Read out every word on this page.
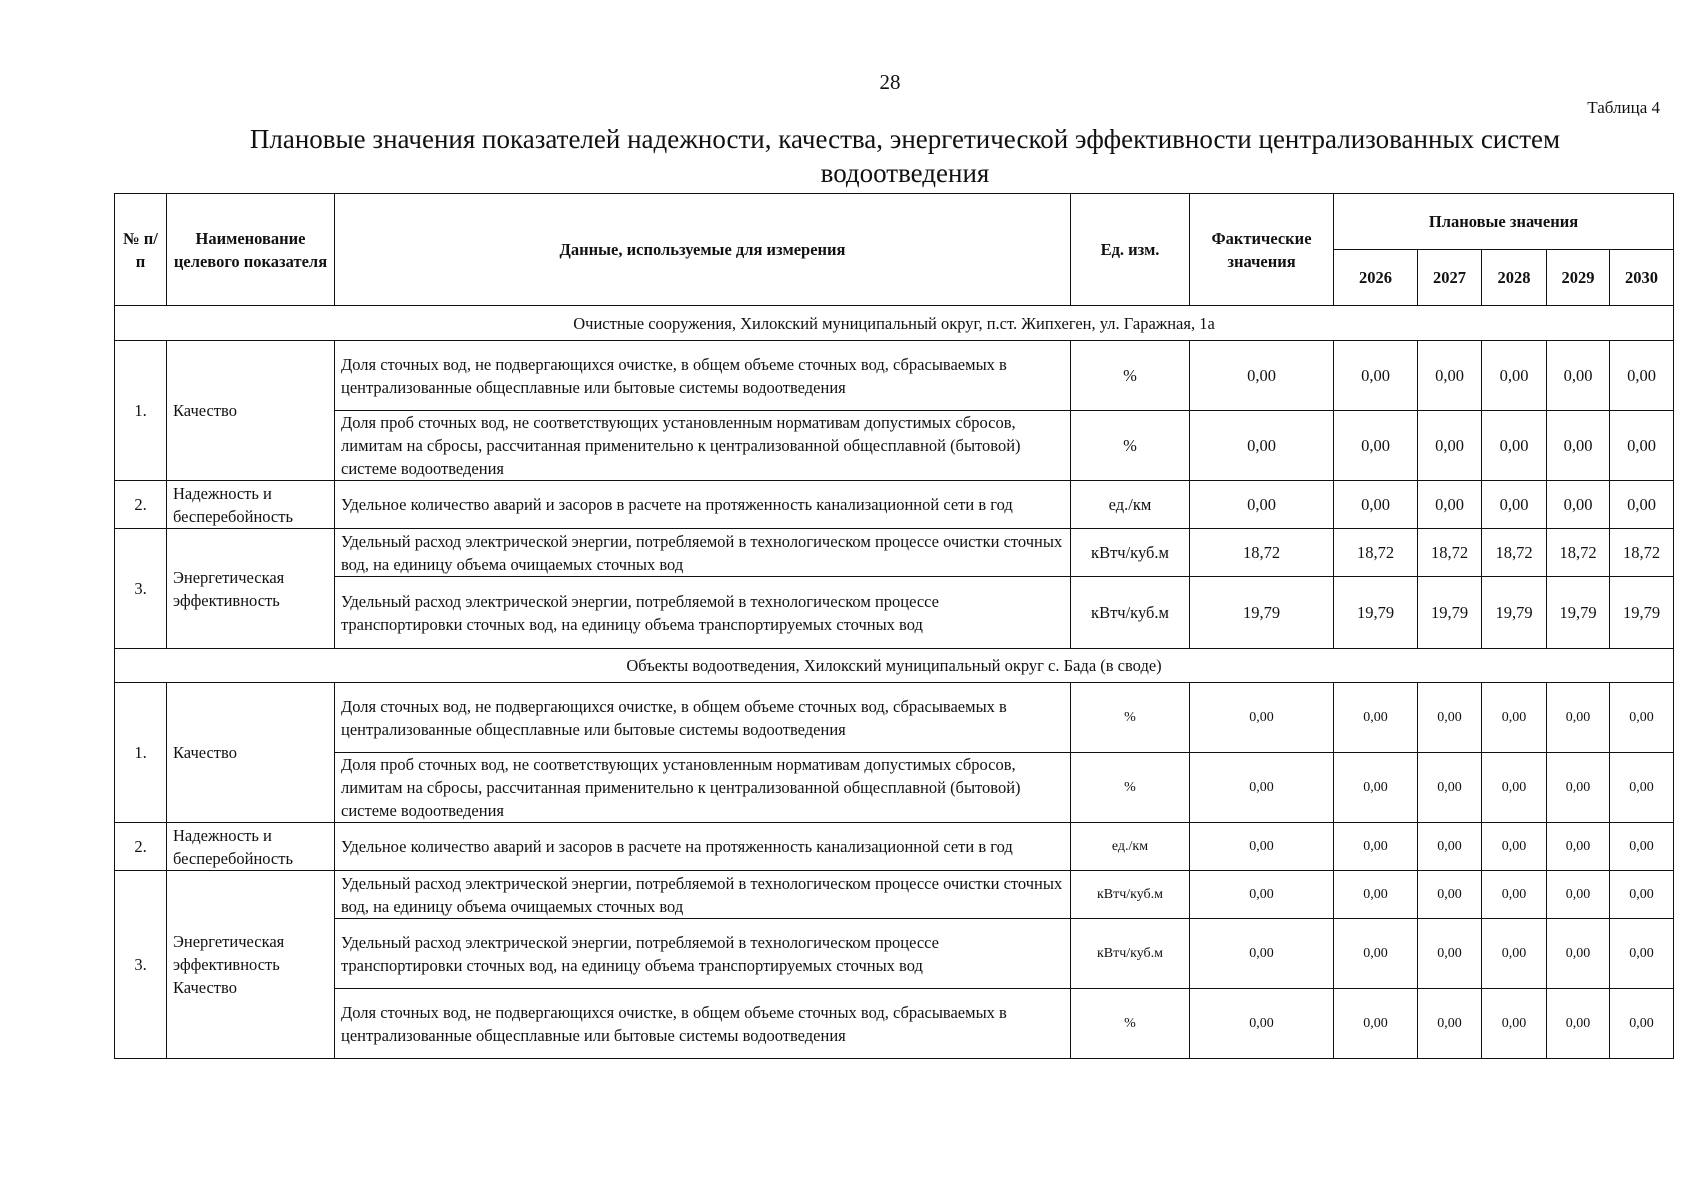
28
Таблица 4
Плановые значения показателей надежности, качества, энергетической эффективности централизованных систем водоотведения
№ п/п	Наименование целевого показателя	Данные, используемые для измерения	Ед. изм.	Фактические значения	Плановые значения				
					2026	2027	2028	2029	2030
Очистные сооружения, Хилокский муниципальный округ, п.ст. Жипхеген, ул. Гаражная, 1а									
1.	Качество	Доля сточных вод, не подвергающихся очистке, в общем объеме сточных вод, сбрасываемых в централизованные общесплавные или бытовые системы водоотведения	%	0,00	0,00	0,00	0,00	0,00	0,00
		Доля проб сточных вод, не соответствующих установленным нормативам допустимых сбросов, лимитам на сбросы, рассчитанная применительно к централизованной общесплавной (бытовой) системе водоотведения	%	0,00	0,00	0,00	0,00	0,00	0,00
2.	Надежность и бесперебойность	Удельное количество аварий и засоров в расчете на протяженность канализационной сети в год	ед./км	0,00	0,00	0,00	0,00	0,00	0,00
3.	Энергетическая эффективность	Удельный расход электрической энергии, потребляемой в технологическом процессе очистки сточных вод, на единицу объема очищаемых сточных вод	кВтч/куб.м	18,72	18,72	18,72	18,72	18,72	18,72
		Удельный расход электрической энергии, потребляемой в технологическом процессе транспортировки сточных вод, на единицу объема транспортируемых сточных вод	кВтч/куб.м	19,79	19,79	19,79	19,79	19,79	19,79
Объекты водоотведения, Хилокский муниципальный округ с. Бада (в своде)									
1.	Качество	Доля сточных вод, не подвергающихся очистке, в общем объеме сточных вод, сбрасываемых в централизованные общесплавные или бытовые системы водоотведения	%	0,00	0,00	0,00	0,00	0,00	0,00
		Доля проб сточных вод, не соответствующих установленным нормативам допустимых сбросов, лимитам на сбросы, рассчитанная применительно к централизованной общесплавной (бытовой) системе водоотведения	%	0,00	0,00	0,00	0,00	0,00	0,00
2.	Надежность и бесперебойность	Удельное количество аварий и засоров в расчете на протяженность канализационной сети в год	ед./км	0,00	0,00	0,00	0,00	0,00	0,00
3.	Энергетическая эффективность Качество	Удельный расход электрической энергии, потребляемой в технологическом процессе очистки сточных вод, на единицу объема очищаемых сточных вод	кВтч/куб.м	0,00	0,00	0,00	0,00	0,00	0,00
		Удельный расход электрической энергии, потребляемой в технологическом процессе транспортировки сточных вод, на единицу объема транспортируемых сточных вод	кВтч/куб.м	0,00	0,00	0,00	0,00	0,00	0,00
		Доля сточных вод, не подвергающихся очистке, в общем объеме сточных вод, сбрасываемых в централизованные общесплавные или бытовые системы водоотведения	%	0,00	0,00	0,00	0,00	0,00	0,00
